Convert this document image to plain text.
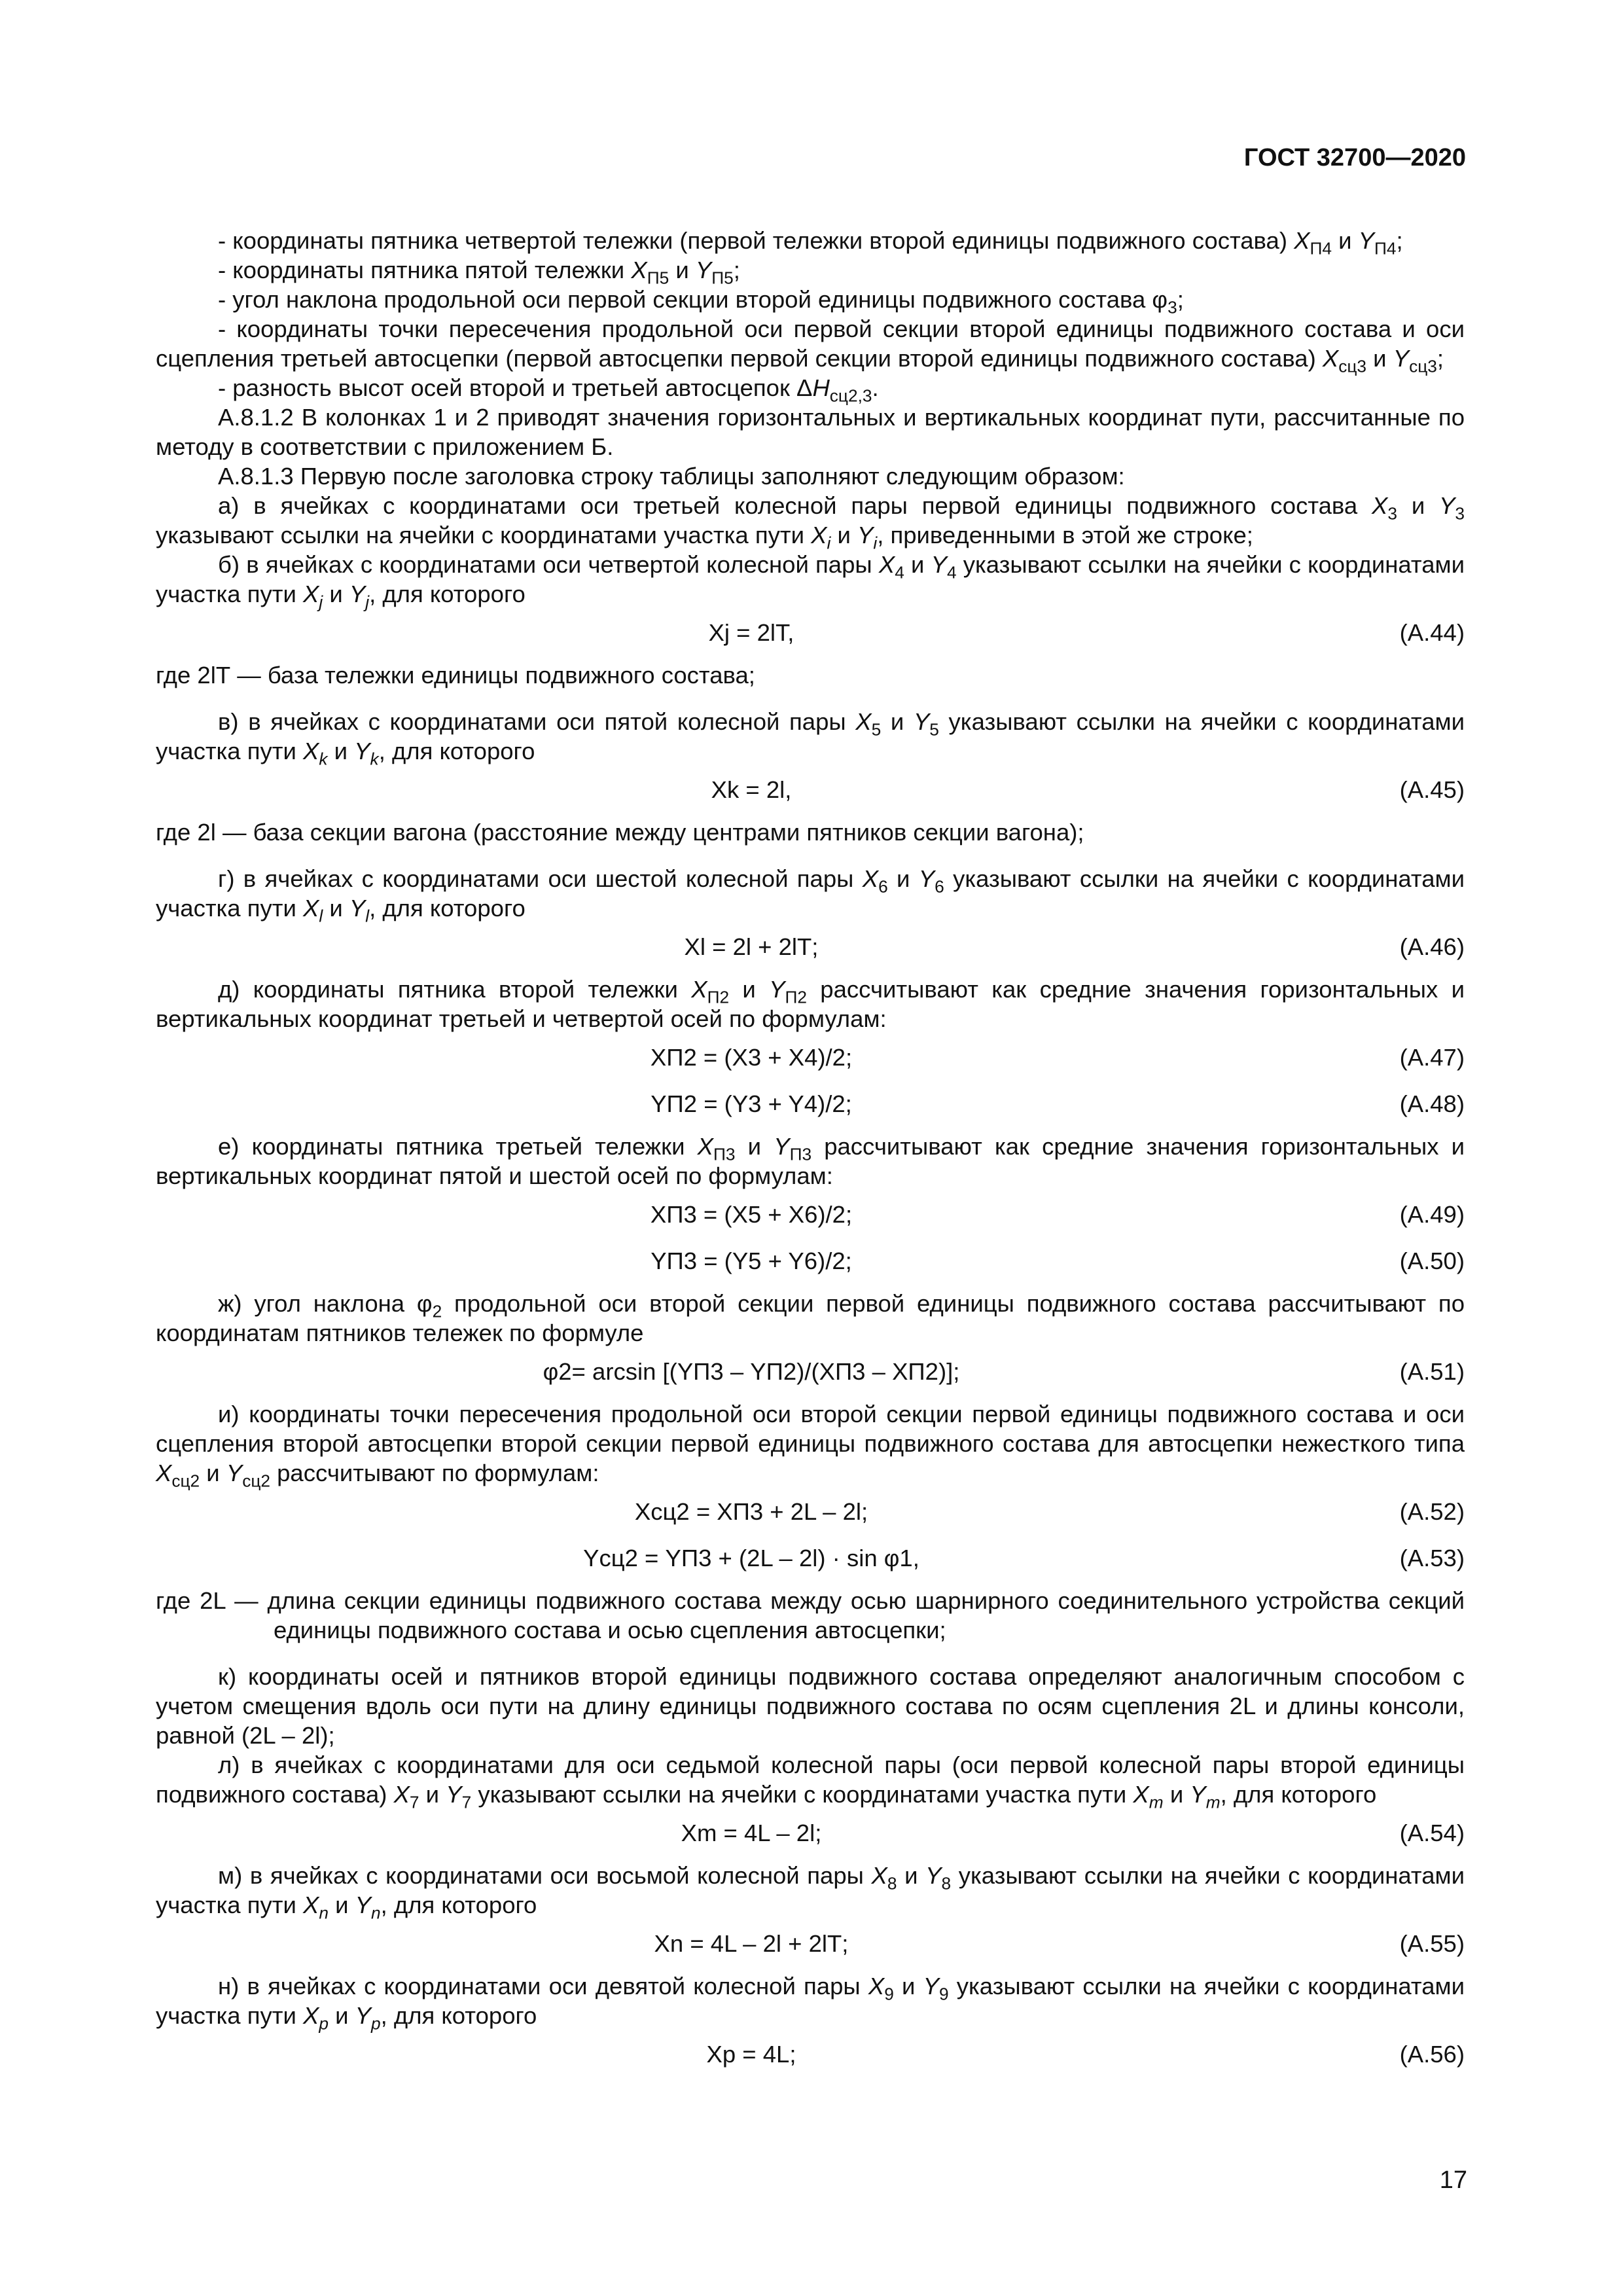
ГОСТ 32700—2020

- координаты пятника четвертой тележки (первой тележки второй единицы подвижного состава) $X_{П4}$ и $Y_{П4}$;

- координаты пятника пятой тележки $X_{П5}$ и $Y_{П5}$;

- угол наклона продольной оси первой секции второй единицы подвижного состава $\varphi_3$;

- координаты точки пересечения продольной оси первой секции второй единицы подвижного состава и оси сцепления третьей автосцепки (первой автосцепки первой секции второй единицы подвижного состава) $X_{сц3}$ и $Y_{сц3}$;

- разность высот осей второй и третьей автосцепок $\Delta H_{сц2,3}$.

А.8.1.2 В колонках 1 и 2 приводят значения горизонтальных и вертикальных координат пути, рассчитанные по методу в соответствии с приложением Б.

А.8.1.3 Первую после заголовка строку таблицы заполняют следующим образом:

а) в ячейках с координатами оси третьей колесной пары первой единицы подвижного состава $X_3$ и $Y_3$ указывают ссылки на ячейки с координатами участка пути $X_i$ и $Y_i$, приведенными в этой же строке;

б) в ячейках с координатами оси четвертой колесной пары $X_4$ и $Y_4$ указывают ссылки на ячейки с координатами участка пути $X_j$ и $Y_j$, для которого

Xj = 2lТ,	(А.44)

где 2lТ — база тележки единицы подвижного состава;

в) в ячейках с координатами оси пятой колесной пары $X_5$ и $Y_5$ указывают ссылки на ячейки с координатами участка пути $X_k$ и $Y_k$, для которого

Xk = 2l,	(А.45)

где 2l — база секции вагона (расстояние между центрами пятников секции вагона);

г) в ячейках с координатами оси шестой колесной пары $X_6$ и $Y_6$ указывают ссылки на ячейки с координатами участка пути $X_l$ и $Y_l$, для которого

Xl = 2l + 2lТ;	(А.46)

д) координаты пятника второй тележки $X_{П2}$ и $Y_{П2}$ рассчитывают как средние значения горизонтальных и вертикальных координат третьей и четвертой осей по формулам:

XП2 = (X3 + X4)/2;	(А.47)
YП2 = (Y3 + Y4)/2;	(А.48)

е) координаты пятника третьей тележки $X_{П3}$ и $Y_{П3}$ рассчитывают как средние значения горизонтальных и вертикальных координат пятой и шестой осей по формулам:

XП3 = (X5 + X6)/2;	(А.49)
YП3 = (Y5 + Y6)/2;	(А.50)

ж) угол наклона $\varphi_2$ продольной оси второй секции первой единицы подвижного состава рассчитывают по координатам пятников тележек по формуле

φ2= arcsin [(YП3 – YП2)/(XП3 – XП2)];	(А.51)

и) координаты точки пересечения продольной оси второй секции первой единицы подвижного состава и оси сцепления второй автосцепки второй секции первой единицы подвижного состава для автосцепки нежесткого типа $X_{сц2}$ и $Y_{сц2}$ рассчитывают по формулам:

Xсц2 = XП3 + 2L – 2l;	(А.52)
Yсц2 = YП3 + (2L – 2l) · sin φ1,	(А.53)

где 2L — длина секции единицы подвижного состава между осью шарнирного соединительного устройства секций единицы подвижного состава и осью сцепления автосцепки;

к) координаты осей и пятников второй единицы подвижного состава определяют аналогичным способом с учетом смещения вдоль оси пути на длину единицы подвижного состава по осям сцепления 2L и длины консоли, равной (2L – 2l);

л) в ячейках с координатами для оси седьмой колесной пары (оси первой колесной пары второй единицы подвижного состава) $X_7$ и $Y_7$ указывают ссылки на ячейки с координатами участка пути $X_m$ и $Y_m$, для которого

Xm = 4L – 2l;	(А.54)

м) в ячейках с координатами оси восьмой колесной пары $X_8$ и $Y_8$ указывают ссылки на ячейки с координатами участка пути $X_n$ и $Y_n$, для которого

Xn = 4L – 2l + 2lТ;	(А.55)

н) в ячейках с координатами оси девятой колесной пары $X_9$ и $Y_9$ указывают ссылки на ячейки с координатами участка пути $X_p$ и $Y_p$, для которого

Xp = 4L;	(А.56)
17
